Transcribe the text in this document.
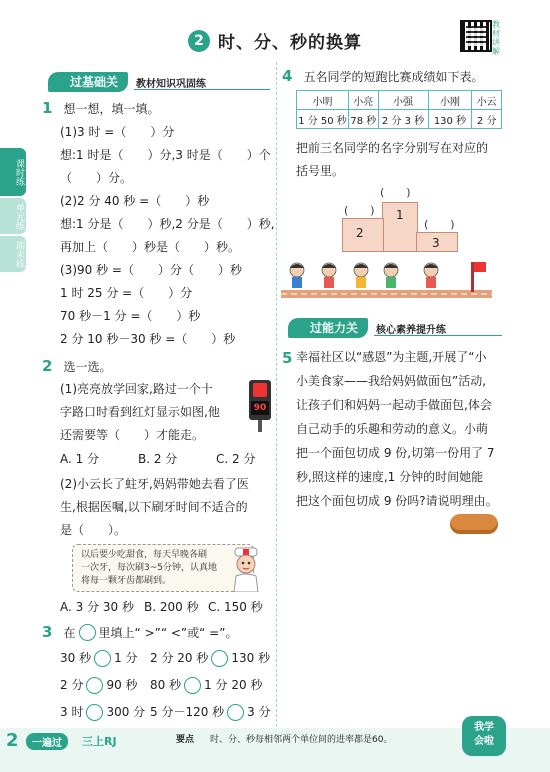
2 时、分、秒的换算
教材讲解
课时练
单元练
期末练
过基础关	教材知识巩固练
1 想一想，填一填。
(1)3 时 =（　　）分
想:1 时是（　　）分,3 时是（　　）个
（　　）分。
(2)2 分 40 秒 =（　　）秒
想:1 分是（　　）秒,2 分是（　　）秒,
再加上（　　）秒是（　　）秒。
(3)90 秒 =（　　）分（　　）秒
1 时 25 分 =（　　）分
70 秒－1 分 =（　　）秒
2 分 10 秒－30 秒 =（　　）秒
2 选一选。
(1)亮亮放学回家,路过一个十
字路口时看到红灯显示如图,他
还需要等（　　）才能走。
90
A. 1 分	B. 2 分	C. 2 分
(2)小云长了蛀牙,妈妈带她去看了医
生,根据医嘱,以下刷牙时间不适合的
是（　　）。
以后要少吃甜食，每天早晚各刷
一次牙，每次刷3~5分钟，认真地
将每一颗牙齿都刷到。
A. 3 分 30 秒 B. 200 秒 C. 150 秒
3 在 里填上“ >”“ <”或“ =”。
30 秒 1 分 2 分 20 秒 130 秒
2 分 90 秒 80 秒 1 分 20 秒
3 时 300 分 5 分－120 秒 3 分
4 五名同学的短跑比赛成绩如下表。
小明	小亮	小强	小刚	小云
1 分 50 秒	78 秒	2 分 3 秒	130 秒	2 分
把前三名同学的名字分别写在对应的
括号里。
(　　)
(　　)
(　　)
1
2
3
过能力关	核心素养提升练
5 幸福社区以“感恩”为主题,开展了“小
小美食家——我给妈妈做面包”活动,
让孩子们和妈妈一起动手做面包,体会
自己动手的乐趣和劳动的意义。小萌
把一个面包切成 9 份,切第一份用了 7
秒,照这样的速度,1 分钟的时间她能
把这个面包切成 9 份吗?请说明理由。
2	一遍过	三上RJ	要点 时、分、秒每相邻两个单位间的进率都是60。
我学
会啦
